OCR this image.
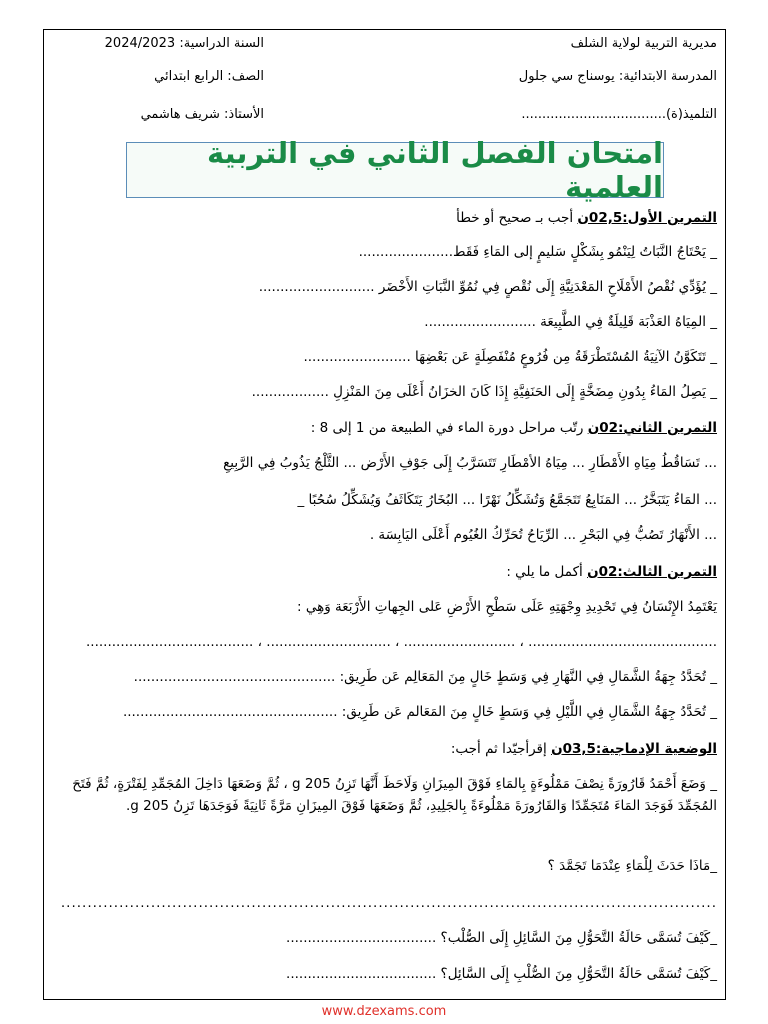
مديرية التربية لولاية الشلف
المدرسة الابتدائية: يوسناج سي جلول
التلميذ(ة)...................................
السنة الدراسية: 2024/2023
الصف: الرابع ابتدائي
الأستاذ: شريف هاشمي
امتحان الفصل الثاني في التربية العلمية
التمرين الأول:02,5ن أجب بـ صحيح أو خطأ
_ يَحْتَاجُ النَّبَاتُ لِيَنْمُو بِشَكْلٍ سَليمٍ إلى المَاءِ فَقَط......................
_ يُؤَدِّي نُقْصُ الأَمْلَاحِ المَعْدَنِيَّةِ إِلَى نُقْصٍ فِي نُمُوِّ النَّبَاتِ الأَخْضَر ...........................
_ المِيَاهُ العَذْبَة قَلِيلَةٌ فِي الطَّبِيعَة ..........................
_ تَتَكَوَّنُ الآنِيَةُ المُسْتَطْرَقَةُ مِن فُرُوعٍ مُنْفَصِلَةٍ عَن بَعْضِهَا .........................
_ يَصِلُ المَاءُ بِدُونِ مِضَخَّةٍ إِلَى الحَنَفِيَّةِ إِذَا كَانَ الخزَانُ أَعْلَى مِنَ المَنْزِلِ ..................
التمرين الثاني:02ن رتّب مراحل دورة الماء في الطبيعة من 1 إلى 8 :
... تَسَاقُطُ مِيَاهِ الأَمْطَارِ ... مِيَاهُ الأمْطَارِ تَتَسَرَّبُ إِلَى جَوْفِ الأَرْض ... الثَّلْجُ يَذُوبُ فِي الرَّبِيعِ
... المَاءُ يَتَبَخَّرُ ... المَنَابِعُ تَتَجَمَّعُ وَتُشَكِّلُ نَهْرًا ... البُخَارُ يَتَكَاثَفُ وَيُشَكِّلُ سُحُبًا _
... الأَنْهَارُ تَصُبُّ فِي البَحْرِ ... الرِّيَاحُ تُحَرِّكُ الغُيُوم أَعْلَى اليَابِسَة .
التمرين الثالث:02ن أكمل ما يلي :
يَعْتَمِدُ الإِنْسَانُ فِي تَحْدِيدِ وِجْهَتِهِ عَلَى سَطْحِ الأَرْضِ عَلى الجِهاتِ الأَرْبَعَة وَهِي :
............................................ ، .......................... ، ............................. ، .......................................
_ تُحَدَّدُ جِهَةُ الشَّمَالِ فِي النَّهَارِ فِي وَسَطٍ خَالٍ مِنَ المَعَالِم عَن طَرِيق: ...............................................
_ تُحَدَّدُ جِهَةُ الشَّمَالِ فِي اللَّيْلِ فِي وَسَطٍ خَالٍ مِنَ المَعَالم عَن طَرِيق: ..................................................
الوضعية الإدماجية:03,5ن إقرأجيّدا ثم أجب:
_ وَضَعَ أَحْمَدُ قَارُورَةً نِصْفَ مَمْلُوءَةٍ بِالمَاءِ فَوْقَ المِيزَانِ وَلَاحَظَ أَنَّهَا تَزِنُ 205 g ، ثُمَّ وَضَعَهَا دَاخِلَ المُجَمِّدِ لِفَتْرَةٍ، ثُمَّ فَتَحَ المُجَمِّدَ فَوَجَدَ المَاءَ مُتَجَمِّدًا وَالقَارُورَةَ مَمْلُوءَةً بِالجَلِيدِ، ثُمَّ وَضَعَهَا فَوْقَ المِيزَانِ مَرَّةً ثَانِيَةً فَوَجَدَهَا تَزِنُ 205 g.
_مَاذَا حَدَثَ لِلْمَاءِ عِنْدَمَا تَجَمَّدَ ؟
............................................................................................................................
_كَيْفَ تُسَمَّى حَالَةُ التَّحَوُّلِ مِنَ السَّائِلِ إِلَى الصُّلْب؟ ...................................
_كَيْفَ تُسَمَّى حَالَةُ التَّحَوُّلِ مِنَ الصُّلْبِ إِلَى السَّائِل؟ ...................................
www.dzexams.com
